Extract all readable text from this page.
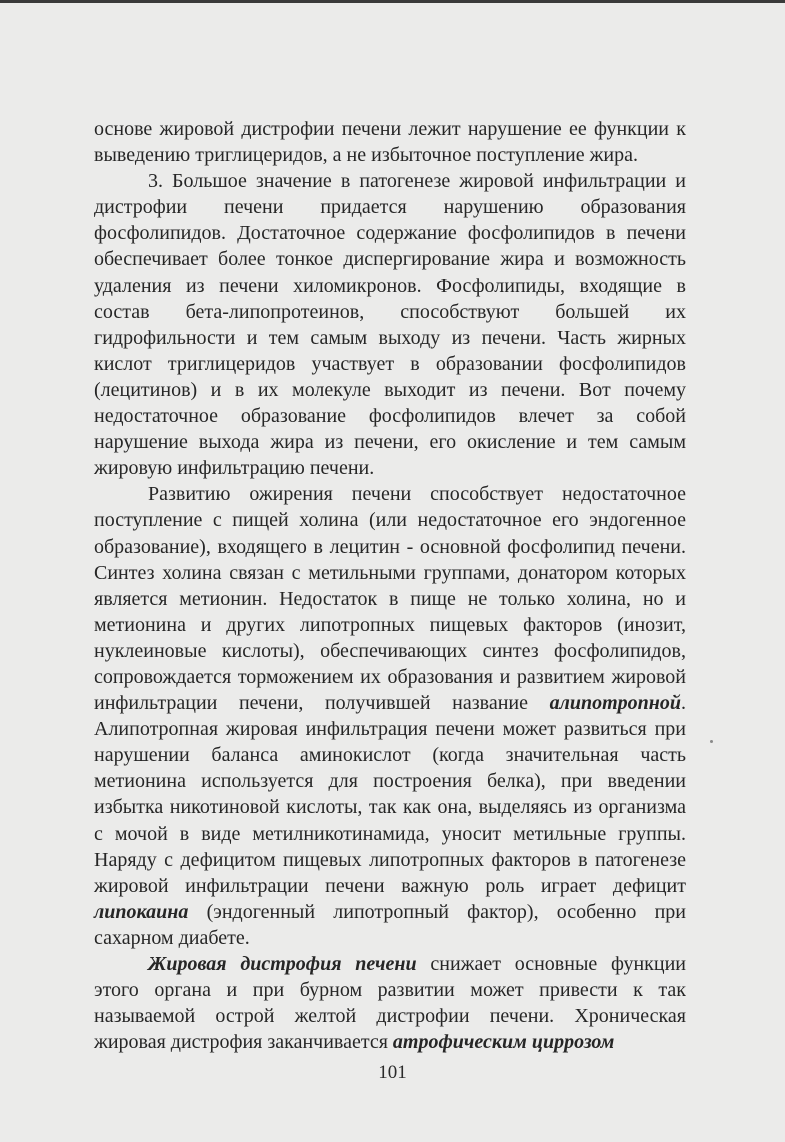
основе жировой дистрофии печени лежит нарушение ее функции к выведению триглицеридов, а не избыточное поступление жира.

3. Большое значение в патогенезе жировой инфильтрации и дистрофии печени придается нарушению образования фосфолипидов. Достаточное содержание фосфолипидов в печени обеспечивает более тонкое диспергирование жира и возможность удаления из печени хиломикронов. Фосфолипиды, входящие в состав бета-липопротеинов, способствуют большей их гидрофильности и тем самым выходу из печени. Часть жирных кислот триглицеридов участвует в образовании фосфолипидов (лецитинов) и в их молекуле выходит из печени. Вот почему недостаточное образование фосфолипидов влечет за собой нарушение выхода жира из печени, его окисление и тем самым жировую инфильтрацию печени.

Развитию ожирения печени способствует недостаточное поступление с пищей холина (или недостаточное его эндогенное образование), входящего в лецитин - основной фосфолипид печени. Синтез холина связан с метильными группами, донатором которых является метионин. Недостаток в пище не только холина, но и метионина и других липотропных пищевых факторов (инозит, нуклеиновые кислоты), обеспечивающих синтез фосфолипидов, сопровождается торможением их образования и развитием жировой инфильтрации печени, получившей название алипотропной. Алипотропная жировая инфильтрация печени может развиться при нарушении баланса аминокислот (когда значительная часть метионина используется для построения белка), при введении избытка никотиновой кислоты, так как она, выделяясь из организма с мочой в виде метилникотинамида, уносит метильные группы. Наряду с дефицитом пищевых липотропных факторов в патогенезе жировой инфильтрации печени важную роль играет дефицит липокаина (эндогенный липотропный фактор), особенно при сахарном диабете.

Жировая дистрофия печени снижает основные функции этого органа и при бурном развитии может привести к так называемой острой желтой дистрофии печени. Хроническая жировая дистрофия заканчивается атрофическим циррозом

101
